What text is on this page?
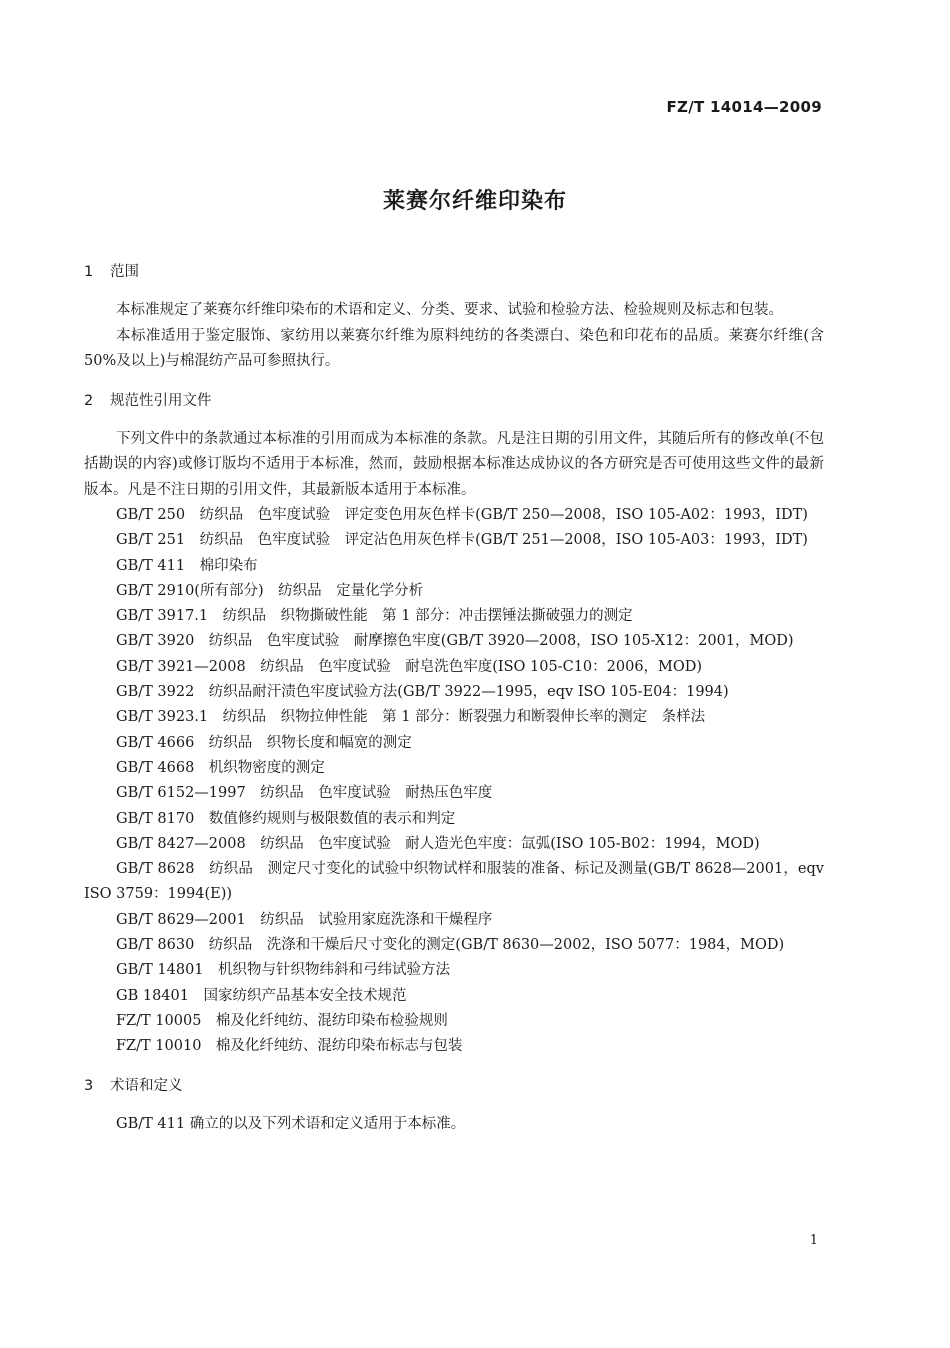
FZ/T 14014—2009
莱赛尔纤维印染布
1 范围

本标准规定了莱赛尔纤维印染布的术语和定义、分类、要求、试验和检验方法、检验规则及标志和包装。

本标准适用于鉴定服饰、家纺用以莱赛尔纤维为原料纯纺的各类漂白、染色和印花布的品质。莱赛尔纤维(含 50%及以上)与棉混纺产品可参照执行。

2 规范性引用文件

下列文件中的条款通过本标准的引用而成为本标准的条款。凡是注日期的引用文件，其随后所有的修改单(不包括勘误的内容)或修订版均不适用于本标准，然而，鼓励根据本标准达成协议的各方研究是否可使用这些文件的最新版本。凡是不注日期的引用文件，其最新版本适用于本标准。

GB/T 250　纺织品　色牢度试验　评定变色用灰色样卡(GB/T 250—2008，ISO 105-A02：1993，IDT)
GB/T 251　纺织品　色牢度试验　评定沾色用灰色样卡(GB/T 251—2008，ISO 105-A03：1993，IDT)
GB/T 411　棉印染布
GB/T 2910(所有部分)　纺织品　定量化学分析
GB/T 3917.1　纺织品　织物撕破性能　第 1 部分：冲击摆锤法撕破强力的测定
GB/T 3920　纺织品　色牢度试验　耐摩擦色牢度(GB/T 3920—2008，ISO 105-X12：2001，MOD)
GB/T 3921—2008　纺织品　色牢度试验　耐皂洗色牢度(ISO 105-C10：2006，MOD)
GB/T 3922　纺织品耐汗渍色牢度试验方法(GB/T 3922—1995，eqv ISO 105-E04：1994)
GB/T 3923.1　纺织品　织物拉伸性能　第 1 部分：断裂强力和断裂伸长率的测定　条样法
GB/T 4666　纺织品　织物长度和幅宽的测定
GB/T 4668　机织物密度的测定
GB/T 6152—1997　纺织品　色牢度试验　耐热压色牢度
GB/T 8170　数值修约规则与极限数值的表示和判定
GB/T 8427—2008　纺织品　色牢度试验　耐人造光色牢度：氙弧(ISO 105-B02：1994，MOD)
GB/T 8628　纺织品　测定尺寸变化的试验中织物试样和服装的准备、标记及测量(GB/T 8628—2001，eqv ISO 3759：1994(E))
GB/T 8629—2001　纺织品　试验用家庭洗涤和干燥程序
GB/T 8630　纺织品　洗涤和干燥后尺寸变化的测定(GB/T 8630—2002，ISO 5077：1984，MOD)
GB/T 14801　机织物与针织物纬斜和弓纬试验方法
GB 18401　国家纺织产品基本安全技术规范
FZ/T 10005　棉及化纤纯纺、混纺印染布检验规则
FZ/T 10010　棉及化纤纯纺、混纺印染布标志与包装
3 术语和定义

GB/T 411 确立的以及下列术语和定义适用于本标准。

1
